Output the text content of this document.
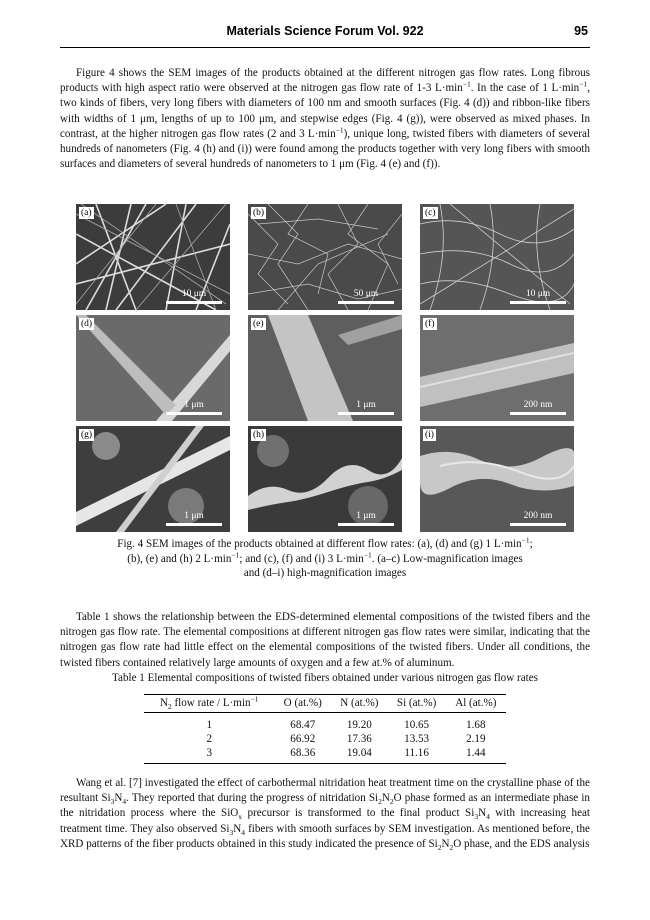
Materials Science Forum Vol. 922	95

Figure 4 shows the SEM images of the products obtained at the different nitrogen gas flow rates. Long fibrous products with high aspect ratio were observed at the nitrogen gas flow rate of 1-3 $L\cdot\min^{-1}$. In the case of 1 $L\cdot\min^{-1}$, two kinds of fibers, very long fibers with diameters of 100 nm and smooth surfaces (Fig. 4 (d)) and ribbon-like fibers with widths of 1 μm, lengths of up to 100 μm, and stepwise edges (Fig. 4 (g)), were observed as mixed phases. In contrast, at the higher nitrogen gas flow rates (2 and 3 $L\cdot\min^{-1}$), unique long, twisted fibers with diameters of several hundreds of nanometers (Fig. 4 (h) and (i)) were found among the products together with very long fibers with smooth surfaces and diameters of several hundreds of nanometers to 1 μm (Fig. 4 (e) and (f)).

(a)
10 μm
(b)
50 μm
(c)
10 μm
(d)
1 μm
(e)
1 μm
(f)
200 nm
(g)
1 μm
(h)
1 μm
(i)
200 nm
Fig. 4 SEM images of the products obtained at different flow rates: (a), (d) and (g) 1 $L\cdot\min^{-1}$;
(b), (e) and (h) 2 $L\cdot\min^{-1}$; and (c), (f) and (i) 3 $L\cdot\min^{-1}$. (a–c) Low-magnification images
and (d–i) high-magnification images

Table 1 shows the relationship between the EDS-determined elemental compositions of the twisted fibers and the nitrogen gas flow rate. The elemental compositions at different nitrogen gas flow rates were similar, indicating that the nitrogen gas flow rate had little effect on the elemental compositions of the twisted fibers. Under all conditions, the twisted fibers contained relatively large amounts of oxygen and a few at.% of aluminum.

Table 1 Elemental compositions of twisted fibers obtained under various nitrogen gas flow rates
$N_2$ flow rate / $L\cdot\min^{-1}$	O (at.%)	N (at.%)	Si (at.%)	Al (at.%)
1	68.47	19.20	10.65	1.68
2	66.92	17.36	13.53	2.19
3	68.36	19.04	11.16	1.44

Wang et al. [7] investigated the effect of carbothermal nitridation heat treatment time on the crystalline phase of the resultant $Si_3N_4$. They reported that during the progress of nitridation $Si_2N_2O$ phase formed as an intermediate phase in the nitridation process where the SiO$_x$ precursor is transformed to the final product $Si_3N_4$ with increasing heat treatment time. They also observed $Si_3N_4$ fibers with smooth surfaces by SEM investigation. As mentioned before, the XRD patterns of the fiber products obtained in this study indicated the presence of $Si_2N_2O$ phase, and the EDS analysis
